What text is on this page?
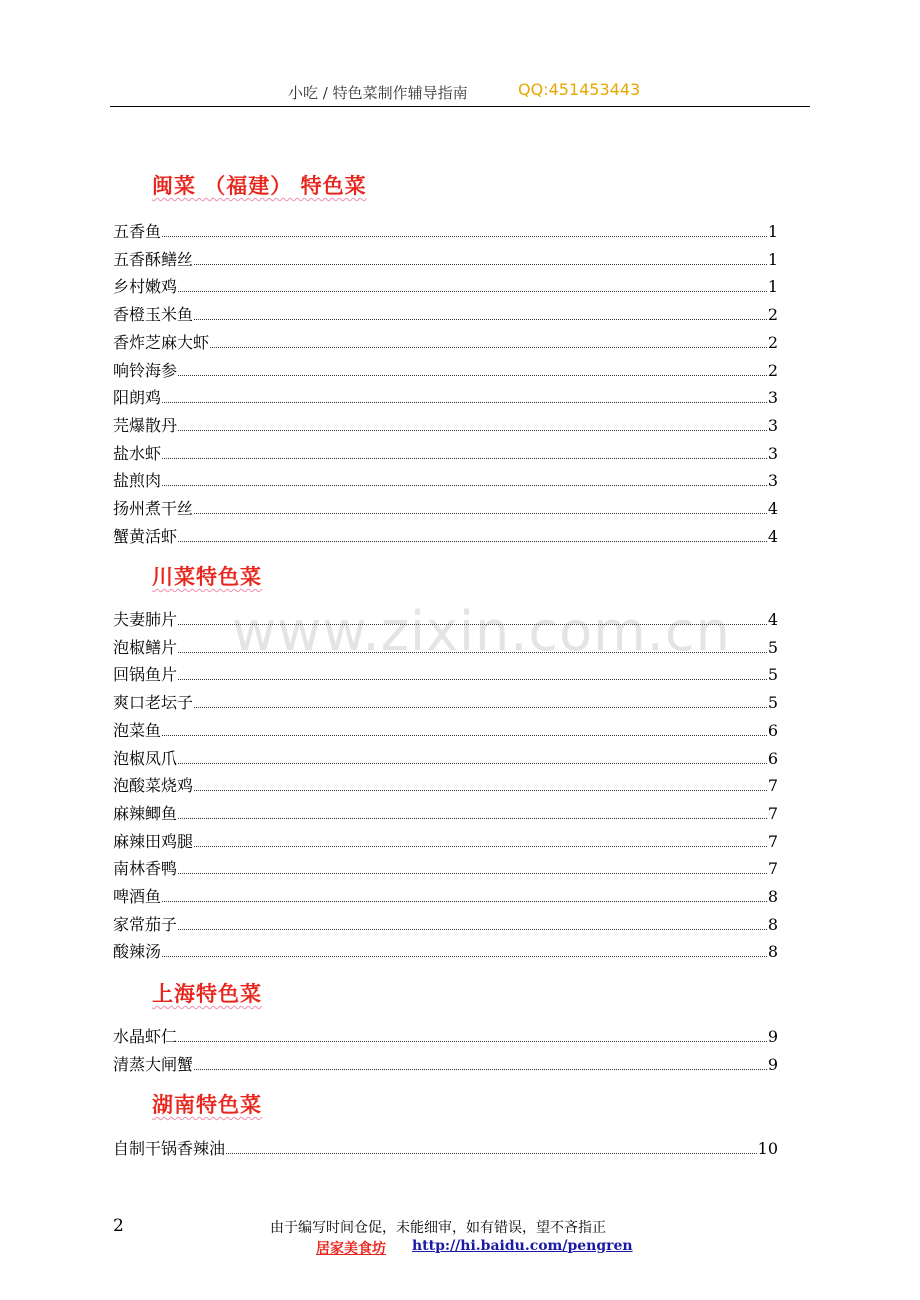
小吃 / 特色菜制作辅导指南	QQ:451453443
www.zixin.com.cn
闽菜 （福建） 特色菜
五香鱼	1
五香酥鳝丝	1
乡村嫩鸡	1
香橙玉米鱼	2
香炸芝麻大虾	2
响铃海参	2
阳朗鸡	3
芫爆散丹	3
盐水虾	3
盐煎肉	3
扬州煮干丝	4
蟹黄活虾	4
川菜特色菜
夫妻肺片	4
泡椒鳝片	5
回锅鱼片	5
爽口老坛子	5
泡菜鱼	6
泡椒凤爪	6
泡酸菜烧鸡	7
麻辣鲫鱼	7
麻辣田鸡腿	7
南林香鸭	7
啤酒鱼	8
家常茄子	8
酸辣汤	8
上海特色菜
水晶虾仁	9
清蒸大闸蟹	9
湖南特色菜
自制干锅香辣油	10
2	由于编写时间仓促，未能细审，如有错误，望不吝指正
居家美食坊 http://hi.baidu.com/pengren
